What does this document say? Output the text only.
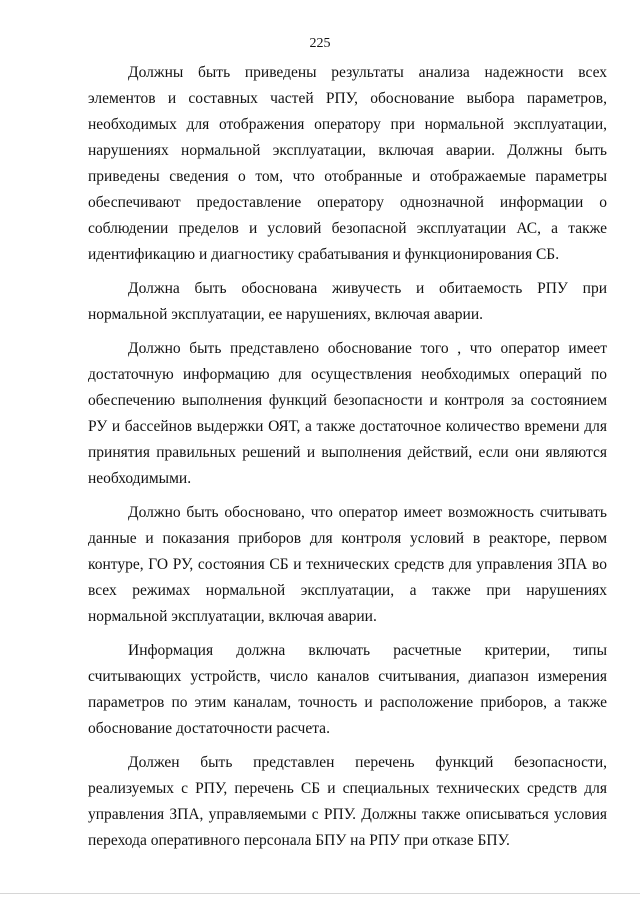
225

Должны быть приведены результаты анализа надежности всех элементов и составных частей РПУ, обоснование выбора параметров, необходимых для отображения оператору при нормальной эксплуатации, нарушениях нормальной эксплуатации, включая аварии. Должны быть приведены сведения о том, что отобранные и отображаемые параметры обеспечивают предоставление оператору однозначной информации о соблюдении пределов и условий безопасной эксплуатации АС, а также идентификацию и диагностику срабатывания и функционирования СБ.

Должна быть обоснована живучесть и обитаемость РПУ при нормальной эксплуатации, ее нарушениях, включая аварии.

Должно быть представлено обоснование того , что оператор имеет достаточную информацию для осуществления необходимых операций по обеспечению выполнения функций безопасности и контроля за состоянием РУ и бассейнов выдержки ОЯТ, а также достаточное количество времени для принятия правильных решений и выполнения действий, если они являются необходимыми.

Должно быть обосновано, что оператор имеет возможность считывать данные и показания приборов для контроля условий в реакторе, первом контуре, ГО РУ, состояния СБ и технических средств для управления ЗПА во всех режимах нормальной эксплуатации, а также при нарушениях нормальной эксплуатации, включая аварии.

Информация должна включать расчетные критерии, типы считывающих устройств, число каналов считывания, диапазон измерения параметров по этим каналам, точность и расположение приборов, а также обоснование достаточности расчета.

Должен быть представлен перечень функций безопасности, реализуемых с РПУ, перечень СБ и специальных технических средств для управления ЗПА, управляемыми с РПУ. Должны также описываться условия перехода оперативного персонала БПУ на РПУ при отказе БПУ.
